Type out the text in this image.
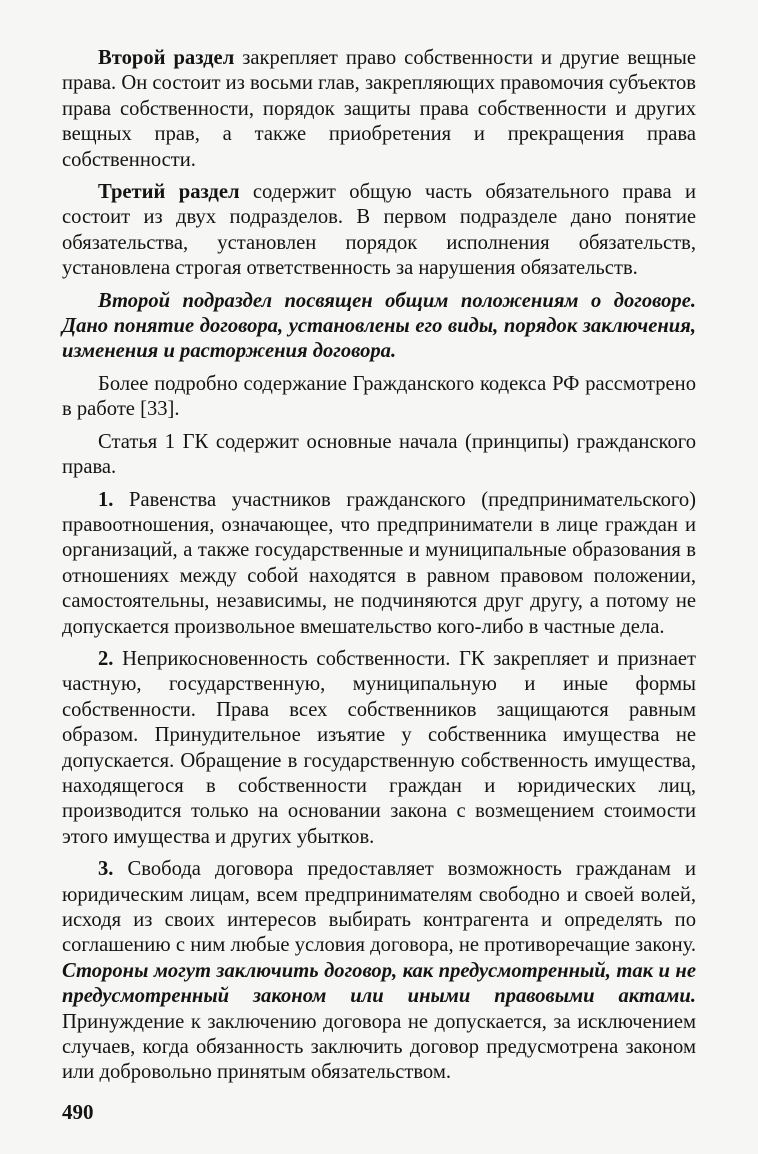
Второй раздел закрепляет право собственности и другие вещные права. Он состоит из восьми глав, закрепляющих правомочия субъектов права собственности, порядок защиты права собственности и других вещных прав, а также приобретения и прекращения права собственности.

Третий раздел содержит общую часть обязательного права и состоит из двух подразделов. В первом подразделе дано понятие обязательства, установлен порядок исполнения обязательств, установлена строгая ответственность за нарушения обязательств.

Второй подраздел посвящен общим положениям о договоре. Дано понятие договора, установлены его виды, порядок заключения, изменения и расторжения договора.

Более подробно содержание Гражданского кодекса РФ рассмотрено в работе [33].

Статья 1 ГК содержит основные начала (принципы) гражданского права.

1. Равенства участников гражданского (предпринимательского) правоотношения, означающее, что предприниматели в лице граждан и организаций, а также государственные и муниципальные образования в отношениях между собой находятся в равном правовом положении, самостоятельны, независимы, не подчиняются друг другу, а потому не допускается произвольное вмешательство кого-либо в частные дела.

2. Неприкосновенность собственности. ГК закрепляет и признает частную, государственную, муниципальную и иные формы собственности. Права всех собственников защищаются равным образом. Принудительное изъятие у собственника имущества не допускается. Обращение в государственную собственность имущества, находящегося в собственности граждан и юридических лиц, производится только на основании закона с возмещением стоимости этого имущества и других убытков.

3. Свобода договора предоставляет возможность гражданам и юридическим лицам, всем предпринимателям свободно и своей волей, исходя из своих интересов выбирать контрагента и определять по соглашению с ним любые условия договора, не противоречащие закону. Стороны могут заключить договор, как предусмотренный, так и не предусмотренный законом или иными правовыми актами. Принуждение к заключению договора не допускается, за исключением случаев, когда обязанность заключить договор предусмотрена законом или добровольно принятым обязательством.

490
